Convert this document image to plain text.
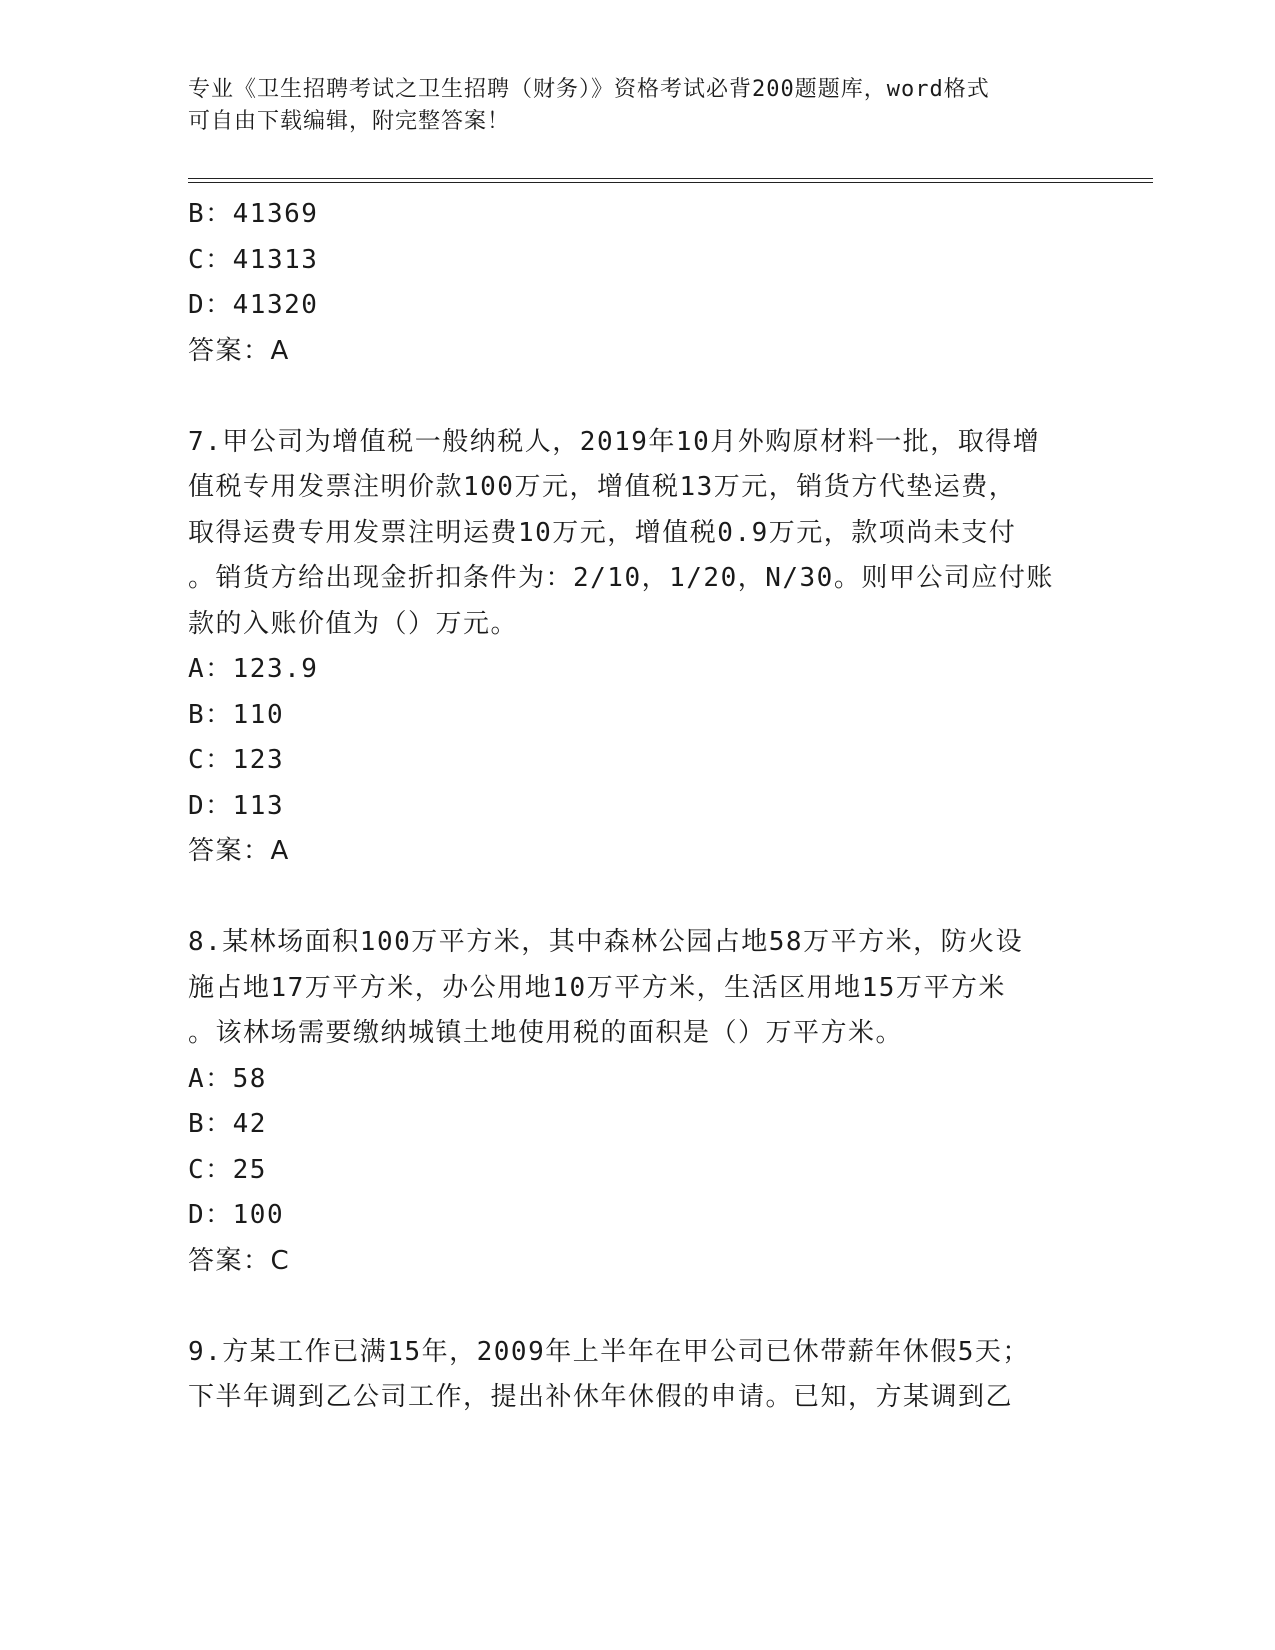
专业《卫生招聘考试之卫生招聘（财务）》资格考试必背200题题库，word格式
可自由下载编辑，附完整答案！
B：41369
C：41313
D：41320
答案：A
7.甲公司为增值税一般纳税人，2019年10月外购原材料一批，取得增
值税专用发票注明价款100万元，增值税13万元，销货方代垫运费，
取得运费专用发票注明运费10万元，增值税0.9万元，款项尚未支付
。销货方给出现金折扣条件为：2/10，1/20，N/30。则甲公司应付账
款的入账价值为（）万元。
A：123.9
B：110
C：123
D：113
答案：A
8.某林场面积100万平方米，其中森林公园占地58万平方米，防火设
施占地17万平方米，办公用地10万平方米，生活区用地15万平方米
。该林场需要缴纳城镇土地使用税的面积是（）万平方米。
A：58
B：42
C：25
D：100
答案：C
9.方某工作已满15年，2009年上半年在甲公司已休带薪年休假5天；
下半年调到乙公司工作，提出补休年休假的申请。已知，方某调到乙
